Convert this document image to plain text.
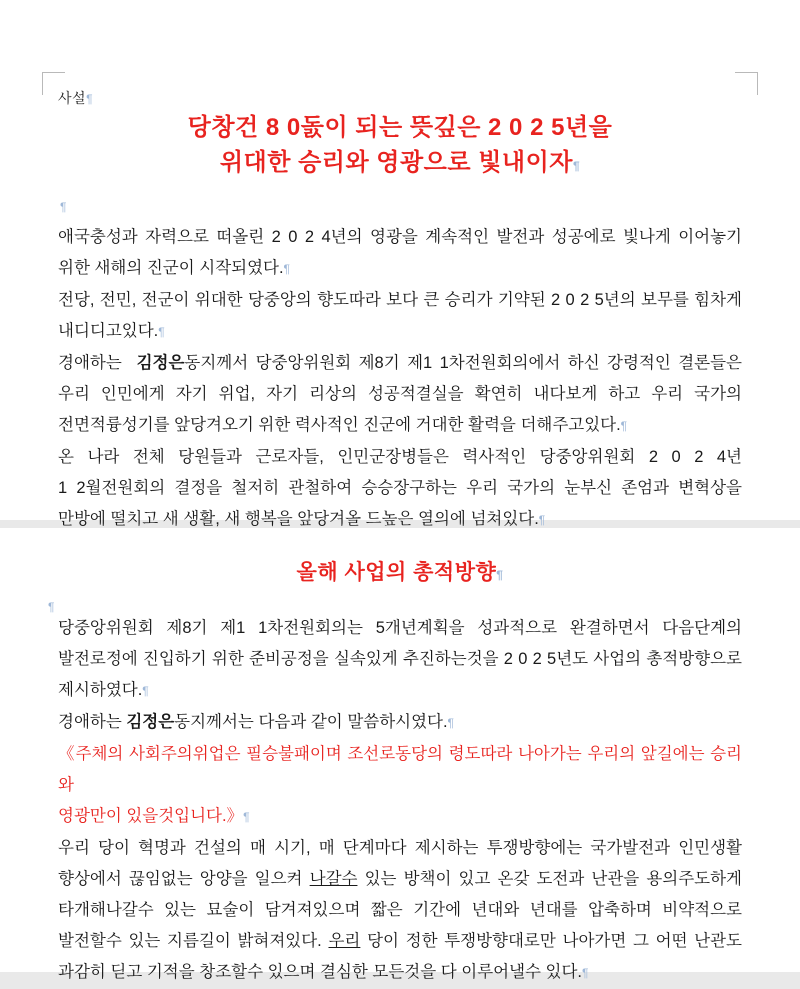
사설¶
당창건 8 0돐이 되는 뜻깊은 2 0 2 5년을
위대한 승리와 영광으로 빛내이자¶
¶

애국충성과 자력으로 떠올린 2 0 2 4년의 영광을 계속적인 발전과 성공에로 빛나게 이어놓기
위한 새해의 진군이 시작되였다.¶

전당, 전민, 전군이 위대한 당중앙의 향도따라 보다 큰 승리가 기약된 2 0 2 5년의 보무를 힘차게
내디디고있다.¶

경애하는  김정은동지께서 당중앙위원회 제8기 제1 1차전원회의에서 하신 강령적인 결론들은
우리 인민에게 자기 위업, 자기 리상의 성공적결실을 확연히 내다보게 하고 우리 국가의
전면적륭성기를 앞당겨오기 위한 력사적인 진군에 거대한 활력을 더해주고있다.¶

온 나라 전체 당원들과 근로자들, 인민군장병들은 력사적인 당중앙위원회 2 0 2 4년
1 2월전원회의 결정을 철저히 관철하여 승승장구하는 우리 국가의 눈부신 존엄과 변혁상을
만방에 떨치고 새 생활, 새 행복을 앞당겨올 드높은 열의에 넘쳐있다.¶

올해 사업의 총적방향¶
¶

당중앙위원회 제8기 제1 1차전원회의는 5개년계획을 성과적으로 완결하면서 다음단계의
발전로정에 진입하기 위한 준비공정을 실속있게 추진하는것을 2 0 2 5년도 사업의 총적방향으로
제시하였다.¶

경애하는 김정은동지께서는 다음과 같이 말씀하시였다.¶

《주체의 사회주의위업은 필승불패이며 조선로동당의 령도따라 나아가는 우리의 앞길에는 승리와
영광만이 있을것입니다.》¶

우리 당이 혁명과 건설의 매 시기, 매 단계마다 제시하는 투쟁방향에는 국가발전과 인민생활
향상에서 끊임없는 앙양을 일으켜 나갈수 있는 방책이 있고 온갖 도전과 난관을 용의주도하게
타개해나갈수 있는 묘술이 담겨져있으며 짧은 기간에 년대와 년대를 압축하며 비약적으로
발전할수 있는 지름길이 밝혀져있다. 우리 당이 정한 투쟁방향대로만 나아가면 그 어떤 난관도
과감히 딛고 기적을 창조할수 있으며 결심한 모든것을 다 이루어낼수 있다.¶
